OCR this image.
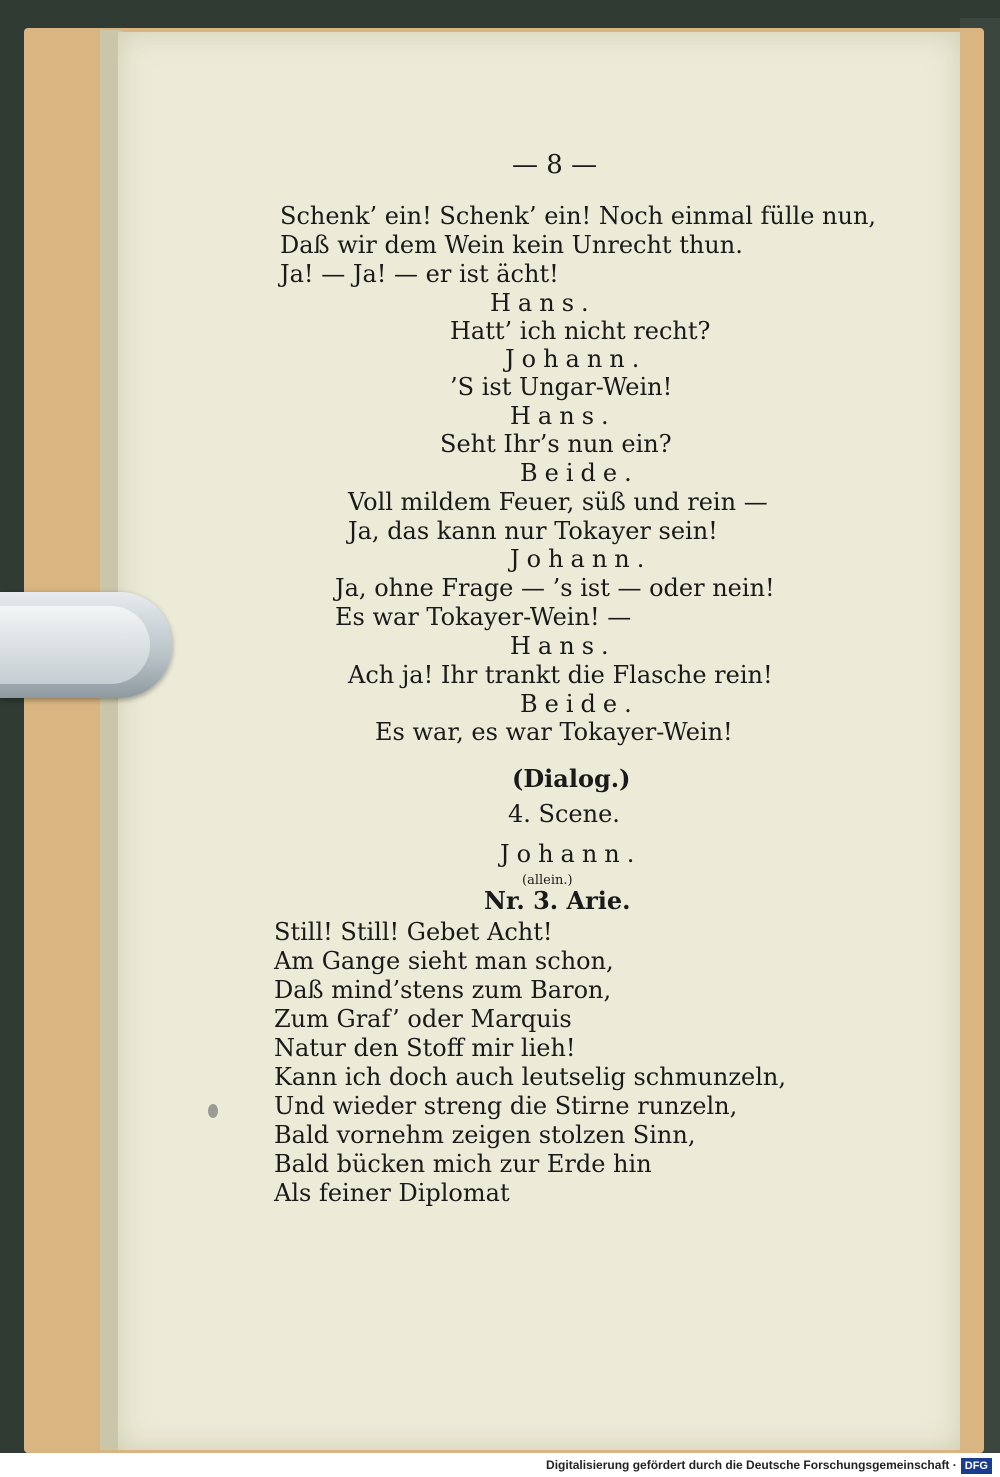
— 8 —
Schenk’ ein! Schenk’ ein! Noch einmal fülle nun,
Daß wir dem Wein kein Unrecht thun.
Ja! — Ja! — er ist ächt!
Hans.
Hatt’ ich nicht recht?
Johann.
’S ist Ungar-Wein!
Hans.
Seht Ihr’s nun ein?
Beide.
Voll mildem Feuer, süß und rein —
Ja, das kann nur Tokayer sein!
Johann.
Ja, ohne Frage — ’s ist — oder nein!
Es war Tokayer-Wein! —
Hans.
Ach ja! Ihr trankt die Flasche rein!
Beide.
Es war, es war Tokayer-Wein!
(Dialog.)
4. Scene.
Johann.
(allein.)
Nr. 3. Arie.
Still! Still! Gebet Acht!
Am Gange sieht man schon,
Daß mind’stens zum Baron,
Zum Graf’ oder Marquis
Natur den Stoff mir lieh!
Kann ich doch auch leutselig schmunzeln,
Und wieder streng die Stirne runzeln,
Bald vornehm zeigen stolzen Sinn,
Bald bücken mich zur Erde hin
Als feiner Diplomat
Digitalisierung gefördert durch die Deutsche Forschungsgemeinschaft · DFG
